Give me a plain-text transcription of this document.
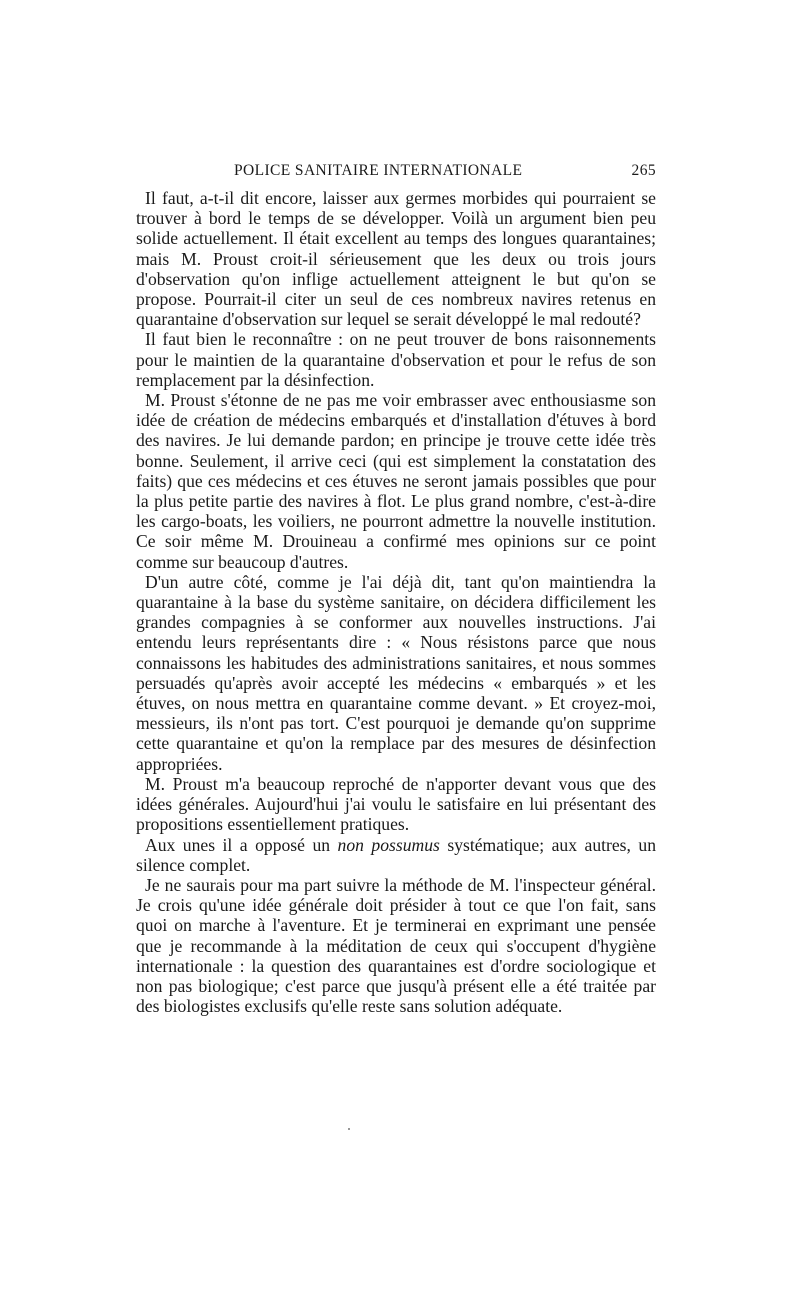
POLICE SANITAIRE INTERNATIONALE	265

Il faut, a-t-il dit encore, laisser aux germes morbides qui pourraient se trouver à bord le temps de se développer. Voilà un argument bien peu solide actuellement. Il était excellent au temps des longues quarantaines; mais M. Proust croit-il sérieusement que les deux ou trois jours d'observation qu'on inflige actuellement atteignent le but qu'on se propose. Pourrait-il citer un seul de ces nombreux navires retenus en quarantaine d'observation sur lequel se serait développé le mal redouté?

Il faut bien le reconnaître : on ne peut trouver de bons raisonnements pour le maintien de la quarantaine d'observation et pour le refus de son remplacement par la désinfection.

M. Proust s'étonne de ne pas me voir embrasser avec enthousiasme son idée de création de médecins embarqués et d'installation d'étuves à bord des navires. Je lui demande pardon; en principe je trouve cette idée très bonne. Seulement, il arrive ceci (qui est simplement la constatation des faits) que ces médecins et ces étuves ne seront jamais possibles que pour la plus petite partie des navires à flot. Le plus grand nombre, c'est-à-dire les cargo-boats, les voiliers, ne pourront admettre la nouvelle institution. Ce soir même M. Drouineau a confirmé mes opinions sur ce point comme sur beaucoup d'autres.

D'un autre côté, comme je l'ai déjà dit, tant qu'on maintiendra la quarantaine à la base du système sanitaire, on décidera difficilement les grandes compagnies à se conformer aux nouvelles instructions. J'ai entendu leurs représentants dire : « Nous résistons parce que nous connaissons les habitudes des administrations sanitaires, et nous sommes persuadés qu'après avoir accepté les médecins « embarqués » et les étuves, on nous mettra en quarantaine comme devant. » Et croyez-moi, messieurs, ils n'ont pas tort. C'est pourquoi je demande qu'on supprime cette quarantaine et qu'on la remplace par des mesures de désinfection appropriées.

M. Proust m'a beaucoup reproché de n'apporter devant vous que des idées générales. Aujourd'hui j'ai voulu le satisfaire en lui présentant des propositions essentiellement pratiques.

Aux unes il a opposé un non possumus systématique; aux autres, un silence complet.

Je ne saurais pour ma part suivre la méthode de M. l'inspecteur général. Je crois qu'une idée générale doit présider à tout ce que l'on fait, sans quoi on marche à l'aventure. Et je terminerai en exprimant une pensée que je recommande à la méditation de ceux qui s'occupent d'hygiène internationale : la question des quarantaines est d'ordre sociologique et non pas biologique; c'est parce que jusqu'à présent elle a été traitée par des biologistes exclusifs qu'elle reste sans solution adéquate.
